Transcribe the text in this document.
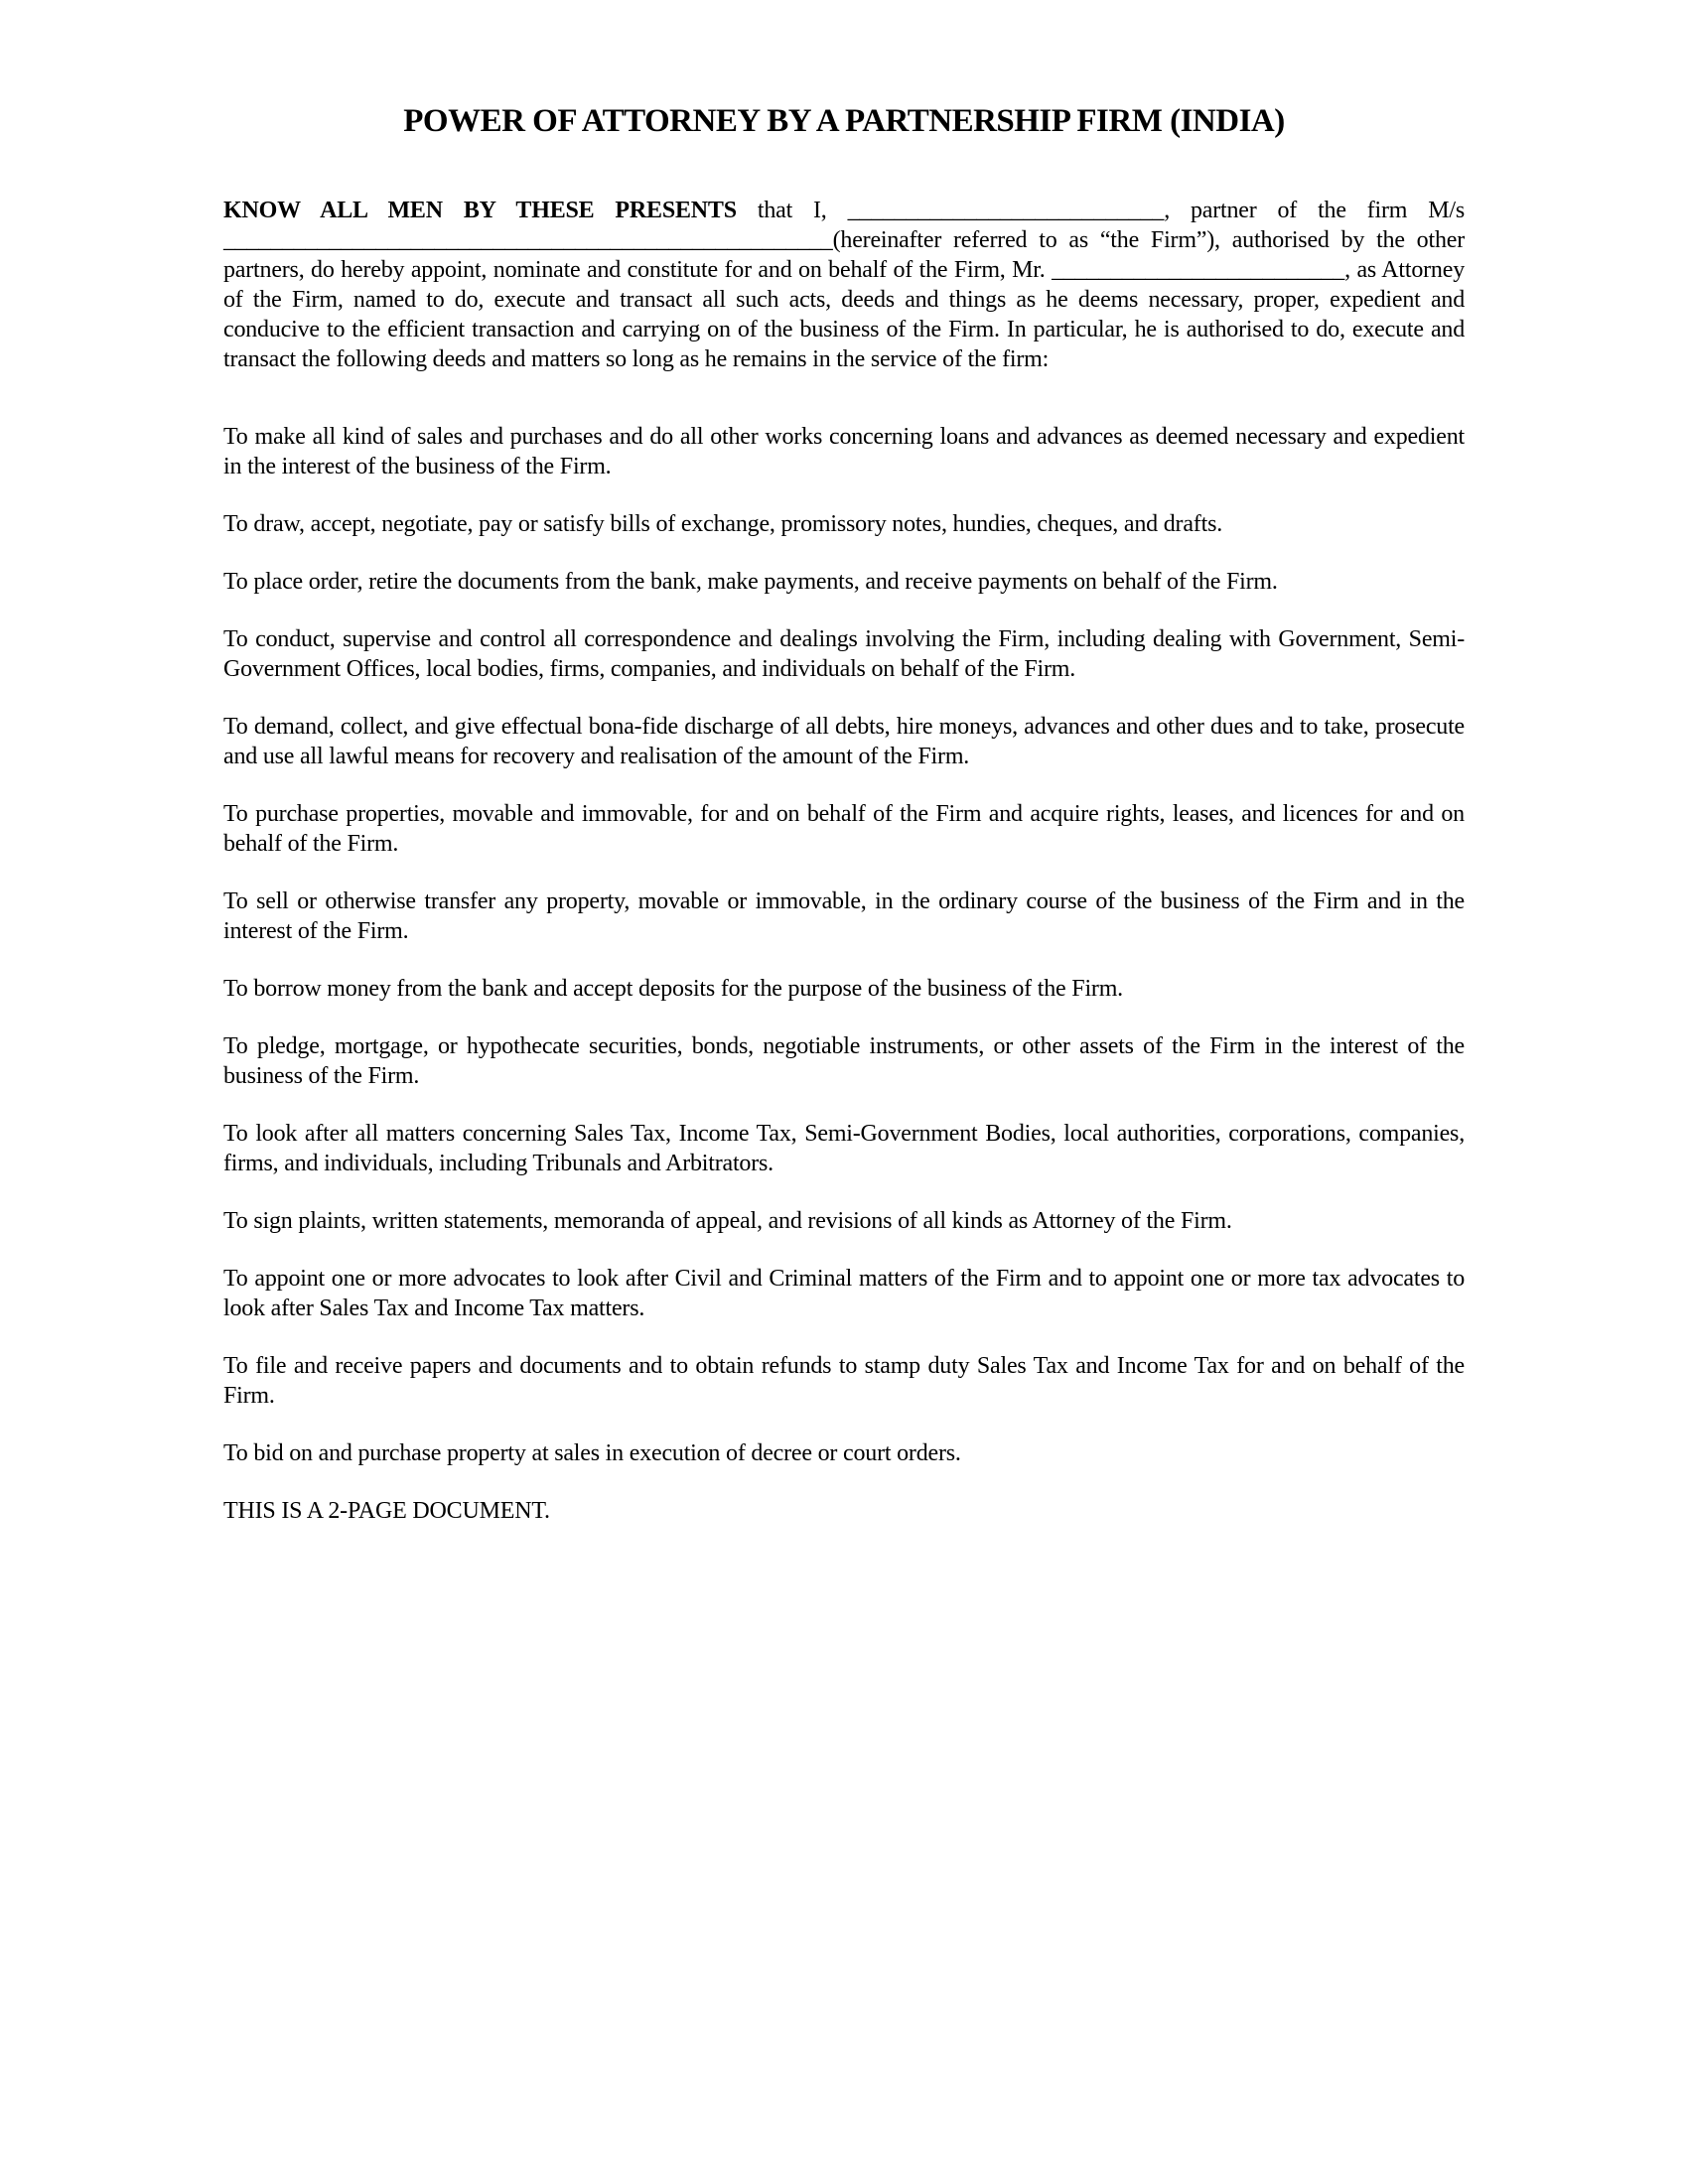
POWER OF ATTORNEY BY A PARTNERSHIP FIRM (INDIA)

KNOW ALL MEN BY THESE PRESENTS that I, ___________________________, partner of the firm M/s ____________________________________________________(hereinafter referred to as “the Firm”), authorised by the other partners, do hereby appoint, nominate and constitute for and on behalf of the Firm, Mr. _________________________, as Attorney of the Firm, named to do, execute and transact all such acts, deeds and things as he deems necessary, proper, expedient and conducive to the efficient transaction and carrying on of the business of the Firm. In particular, he is authorised to do, execute and transact the following deeds and matters so long as he remains in the service of the firm:

To make all kind of sales and purchases and do all other works concerning loans and advances as deemed necessary and expedient in the interest of the business of the Firm.

To draw, accept, negotiate, pay or satisfy bills of exchange, promissory notes, hundies, cheques, and drafts.

To place order, retire the documents from the bank, make payments, and receive payments on behalf of the Firm.

To conduct, supervise and control all correspondence and dealings involving the Firm, including dealing with Government, Semi-Government Offices, local bodies, firms, companies, and individuals on behalf of the Firm.

To demand, collect, and give effectual bona-fide discharge of all debts, hire moneys, advances and other dues and to take, prosecute and use all lawful means for recovery and realisation of the amount of the Firm.

To purchase properties, movable and immovable, for and on behalf of the Firm and acquire rights, leases, and licences for and on behalf of the Firm.

To sell or otherwise transfer any property, movable or immovable, in the ordinary course of the business of the Firm and in the interest of the Firm.

To borrow money from the bank and accept deposits for the purpose of the business of the Firm.

To pledge, mortgage, or hypothecate securities, bonds, negotiable instruments, or other assets of the Firm in the interest of the business of the Firm.

To look after all matters concerning Sales Tax, Income Tax, Semi-Government Bodies, local authorities, corporations, companies, firms, and individuals, including Tribunals and Arbitrators.

To sign plaints, written statements, memoranda of appeal, and revisions of all kinds as Attorney of the Firm.

To appoint one or more advocates to look after Civil and Criminal matters of the Firm and to appoint one or more tax advocates to look after Sales Tax and Income Tax matters.

To file and receive papers and documents and to obtain refunds to stamp duty Sales Tax and Income Tax for and on behalf of the Firm.

To bid on and purchase property at sales in execution of decree or court orders.

THIS IS A 2-PAGE DOCUMENT.
